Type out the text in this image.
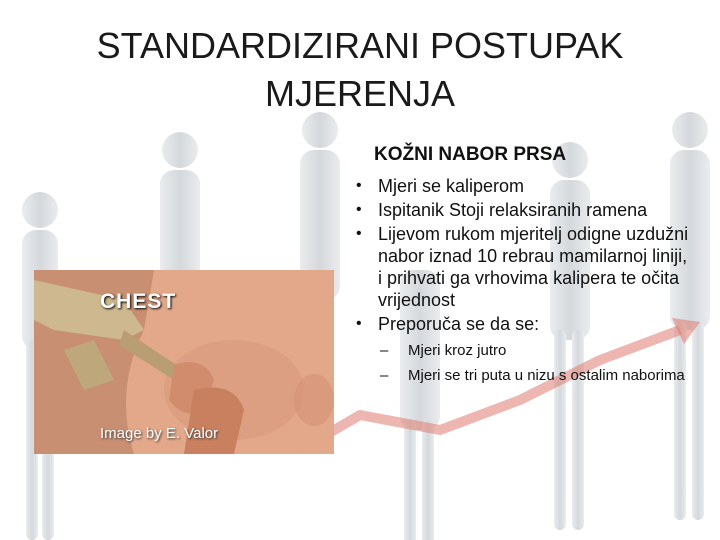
STANDARDIZIRANI POSTUPAK MJERENJA
CHEST
Image by E. Valor
KOŽNI NABOR PRSA
• Mjeri se kaliperom
• Ispitanik Stoji relaksiranih ramena
• Lijevom rukom mjeritelj odigne uzdužni nabor iznad 10 rebrau mamilarnoj liniji, i prihvati ga vrhovima kalipera te očita vrijednost
• Preporuča se da se:
– Mjeri kroz jutro
– Mjeri se tri puta u nizu s ostalim naborima
